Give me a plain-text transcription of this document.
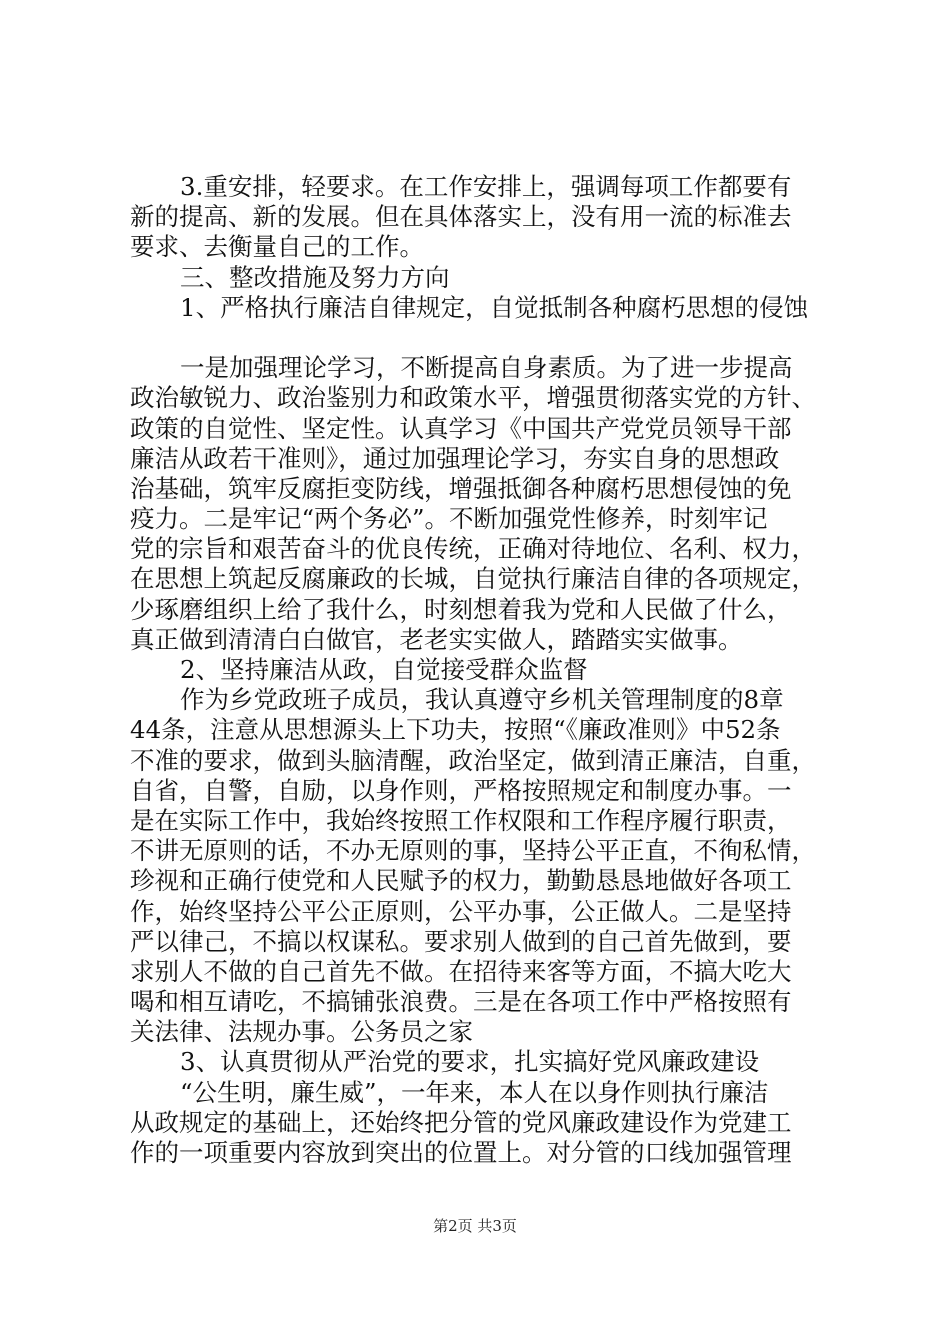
3.重安排，轻要求。在工作安排上，强调每项工作都要有
新的提高、新的发展。但在具体落实上，没有用一流的标准去
要求、去衡量自己的工作。
三、整改措施及努力方向
1、严格执行廉洁自律规定，自觉抵制各种腐朽思想的侵蚀
一是加强理论学习，不断提高自身素质。为了进一步提高
政治敏锐力、政治鉴别力和政策水平，增强贯彻落实党的方针、
政策的自觉性、坚定性。认真学习《中国共产党党员领导干部
廉洁从政若干准则》，通过加强理论学习，夯实自身的思想政
治基础，筑牢反腐拒变防线，增强抵御各种腐朽思想侵蚀的免
疫力。二是牢记“两个务必”。不断加强党性修养，时刻牢记
党的宗旨和艰苦奋斗的优良传统，正确对待地位、名利、权力，
在思想上筑起反腐廉政的长城，自觉执行廉洁自律的各项规定，
少琢磨组织上给了我什么，时刻想着我为党和人民做了什么，
真正做到清清白白做官，老老实实做人，踏踏实实做事。
2、坚持廉洁从政，自觉接受群众监督
作为乡党政班子成员，我认真遵守乡机关管理制度的8章
44条，注意从思想源头上下功夫，按照“《廉政准则》中52条
不准的要求，做到头脑清醒，政治坚定，做到清正廉洁，自重，
自省，自警，自励，以身作则，严格按照规定和制度办事。一
是在实际工作中，我始终按照工作权限和工作程序履行职责，
不讲无原则的话，不办无原则的事，坚持公平正直，不徇私情，
珍视和正确行使党和人民赋予的权力，勤勤恳恳地做好各项工
作，始终坚持公平公正原则，公平办事，公正做人。二是坚持
严以律己，不搞以权谋私。要求别人做到的自己首先做到，要
求别人不做的自己首先不做。在招待来客等方面，不搞大吃大
喝和相互请吃，不搞铺张浪费。三是在各项工作中严格按照有
关法律、法规办事。公务员之家
3、认真贯彻从严治党的要求，扎实搞好党风廉政建设
“公生明，廉生威”，一年来，本人在以身作则执行廉洁
从政规定的基础上，还始终把分管的党风廉政建设作为党建工
作的一项重要内容放到突出的位置上。对分管的口线加强管理
第2页 共3页
